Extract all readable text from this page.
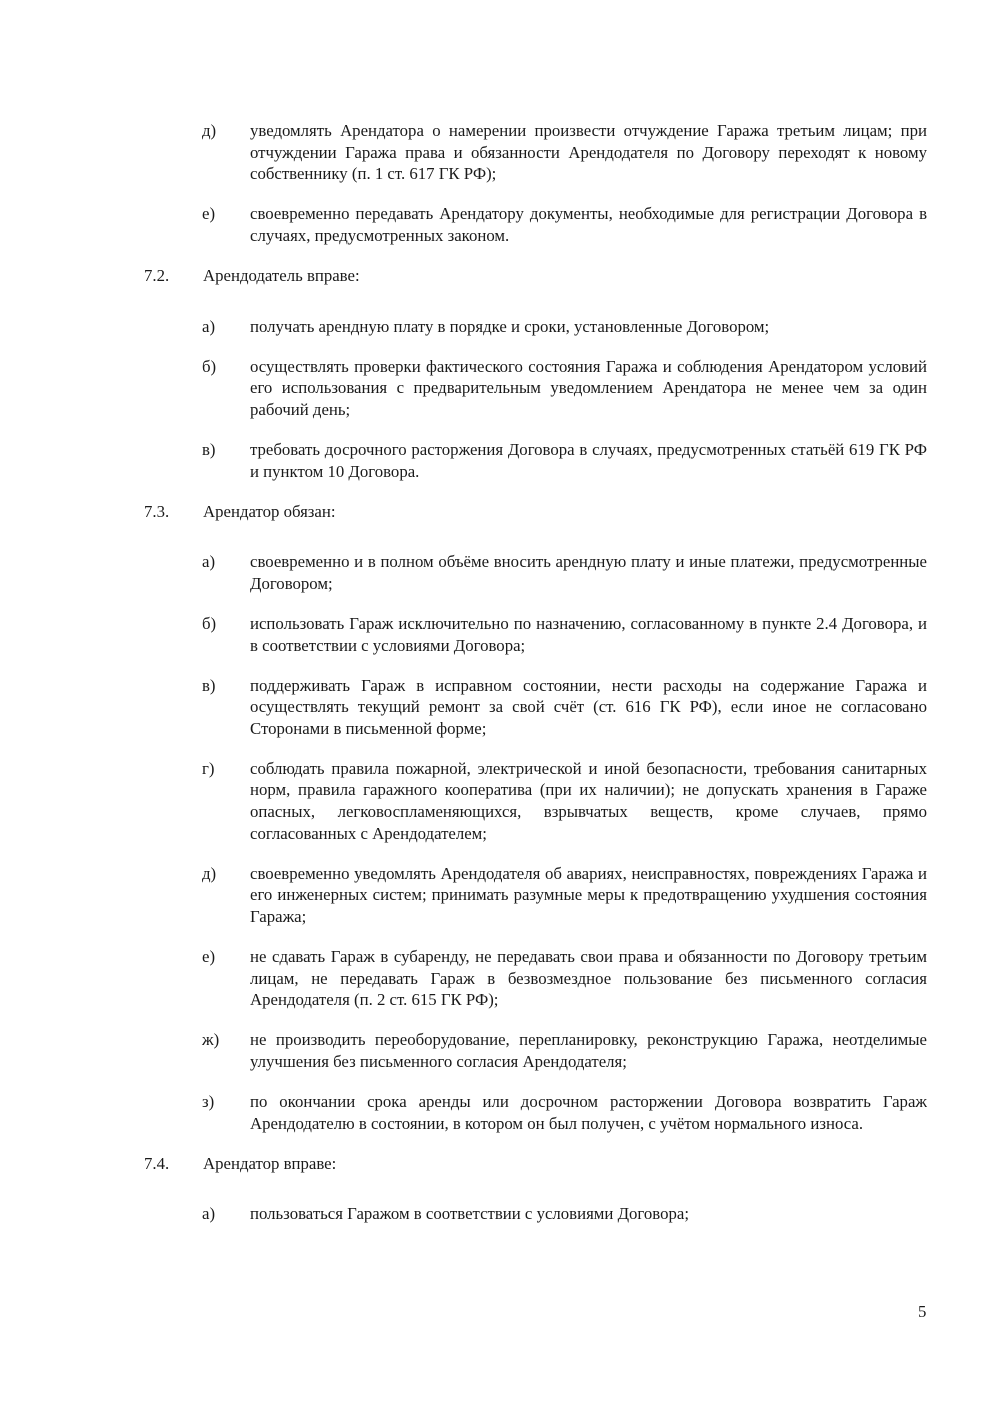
д) уведомлять Арендатора о намерении произвести отчуждение Гаража третьим лицам; при отчуждении Гаража права и обязанности Арендодателя по Договору переходят к новому собственнику (п. 1 ст. 617 ГК РФ);
е) своевременно передавать Арендатору документы, необходимые для регистрации Договора в случаях, предусмотренных законом.
7.2. Арендодатель вправе:
а) получать арендную плату в порядке и сроки, установленные Договором;
б) осуществлять проверки фактического состояния Гаража и соблюдения Арендатором условий его использования с предварительным уведомлением Арендатора не менее чем за один рабочий день;
в) требовать досрочного расторжения Договора в случаях, предусмотренных статьёй 619 ГК РФ и пунктом 10 Договора.
7.3. Арендатор обязан:
а) своевременно и в полном объёме вносить арендную плату и иные платежи, предусмотренные Договором;
б) использовать Гараж исключительно по назначению, согласованному в пункте 2.4 Договора, и в соответствии с условиями Договора;
в) поддерживать Гараж в исправном состоянии, нести расходы на содержание Гаража и осуществлять текущий ремонт за свой счёт (ст. 616 ГК РФ), если иное не согласовано Сторонами в письменной форме;
г) соблюдать правила пожарной, электрической и иной безопасности, требования санитарных норм, правила гаражного кооператива (при их наличии); не допускать хранения в Гараже опасных, легковоспламеняющихся, взрывчатых веществ, кроме случаев, прямо согласованных с Арендодателем;
д) своевременно уведомлять Арендодателя об авариях, неисправностях, повреждениях Гаража и его инженерных систем; принимать разумные меры к предотвращению ухудшения состояния Гаража;
е) не сдавать Гараж в субаренду, не передавать свои права и обязанности по Договору третьим лицам, не передавать Гараж в безвозмездное пользование без письменного согласия Арендодателя (п. 2 ст. 615 ГК РФ);
ж) не производить переоборудование, перепланировку, реконструкцию Гаража, неотделимые улучшения без письменного согласия Арендодателя;
з) по окончании срока аренды или досрочном расторжении Договора возвратить Гараж Арендодателю в состоянии, в котором он был получен, с учётом нормального износа.
7.4. Арендатор вправе:
а) пользоваться Гаражом в соответствии с условиями Договора;
5
